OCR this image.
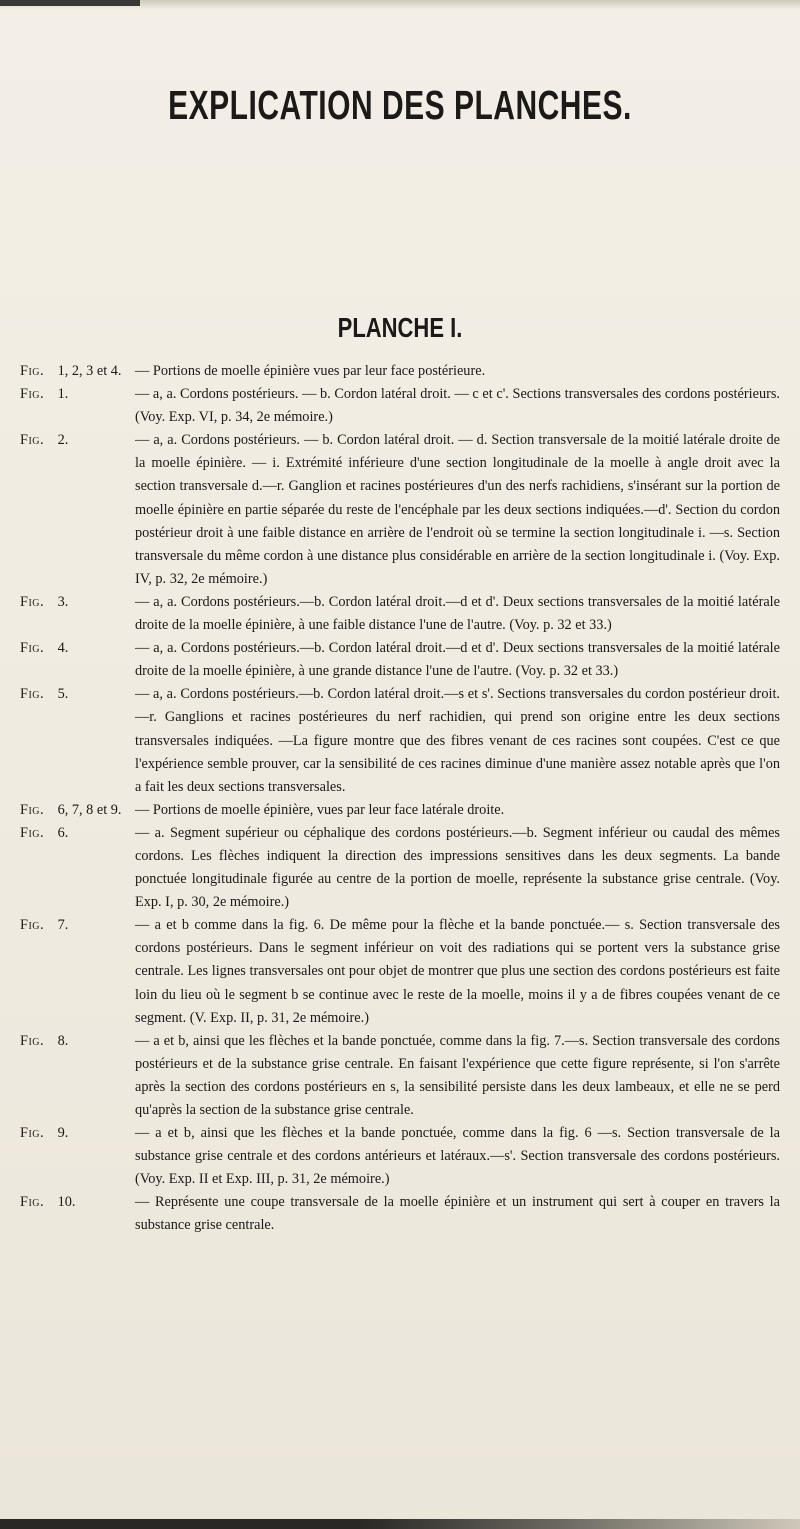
EXPLICATION DES PLANCHES.
PLANCHE I.
Fig. 1, 2, 3 et 4. — Portions de moelle épinière vues par leur face postérieure.
Fig. 1.	— a, a. Cordons postérieurs. — b. Cordon latéral droit. — c et c'. Sections transversales des cordons postérieurs. (Voy. Exp. VI, p. 34, 2e mémoire.)
Fig. 2.	— a, a. Cordons postérieurs. — b. Cordon latéral droit. — d. Section transversale de la moitié latérale droite de la moelle épinière. — i. Extrémité inférieure d'une section longitudinale de la moelle à angle droit avec la section transversale d.—r. Ganglion et racines postérieures d'un des nerfs rachidiens, s'insérant sur la portion de moelle épinière en partie séparée du reste de l'encéphale par les deux sections indiquées.—d'. Section du cordon postérieur droit à une faible distance en arrière de l'endroit où se termine la section longitudinale i. —s. Section transversale du même cordon à une distance plus considérable en arrière de la section longitudinale i. (Voy. Exp. IV, p. 32, 2e mémoire.)
Fig. 3.	— a, a. Cordons postérieurs.—b. Cordon latéral droit.—d et d'. Deux sections transversales de la moitié latérale droite de la moelle épinière, à une faible distance l'une de l'autre. (Voy. p. 32 et 33.)
Fig. 4.	— a, a. Cordons postérieurs.—b. Cordon latéral droit.—d et d'. Deux sections transversales de la moitié latérale droite de la moelle épinière, à une grande distance l'une de l'autre. (Voy. p. 32 et 33.)
Fig. 5.	— a, a. Cordons postérieurs.—b. Cordon latéral droit.—s et s'. Sections transversales du cordon postérieur droit.—r. Ganglions et racines postérieures du nerf rachidien, qui prend son origine entre les deux sections transversales indiquées. —La figure montre que des fibres venant de ces racines sont coupées. C'est ce que l'expérience semble prouver, car la sensibilité de ces racines diminue d'une manière assez notable après que l'on a fait les deux sections transversales.
Fig. 6, 7, 8 et 9. — Portions de moelle épinière, vues par leur face latérale droite.
Fig. 6.	— a. Segment supérieur ou céphalique des cordons postérieurs.—b. Segment inférieur ou caudal des mêmes cordons. Les flèches indiquent la direction des impressions sensitives dans les deux segments. La bande ponctuée longitudinale figurée au centre de la portion de moelle, représente la substance grise centrale. (Voy. Exp. I, p. 30, 2e mémoire.)
Fig. 7.	— a et b comme dans la fig. 6. De même pour la flèche et la bande ponctuée.— s. Section transversale des cordons postérieurs. Dans le segment inférieur on voit des radiations qui se portent vers la substance grise centrale. Les lignes transversales ont pour objet de montrer que plus une section des cordons postérieurs est faite loin du lieu où le segment b se continue avec le reste de la moelle, moins il y a de fibres coupées venant de ce segment. (V. Exp. II, p. 31, 2e mémoire.)
Fig. 8.	— a et b, ainsi que les flèches et la bande ponctuée, comme dans la fig. 7.—s. Section transversale des cordons postérieurs et de la substance grise centrale. En faisant l'expérience que cette figure représente, si l'on s'arrête après la section des cordons postérieurs en s, la sensibilité persiste dans les deux lambeaux, et elle ne se perd qu'après la section de la substance grise centrale.
Fig. 9.	— a et b, ainsi que les flèches et la bande ponctuée, comme dans la fig. 6 —s. Section transversale de la substance grise centrale et des cordons antérieurs et latéraux.—s'. Section transversale des cordons postérieurs. (Voy. Exp. II et Exp. III, p. 31, 2e mémoire.)
Fig. 10.	— Représente une coupe transversale de la moelle épinière et un instrument qui sert à couper en travers la substance grise centrale.
